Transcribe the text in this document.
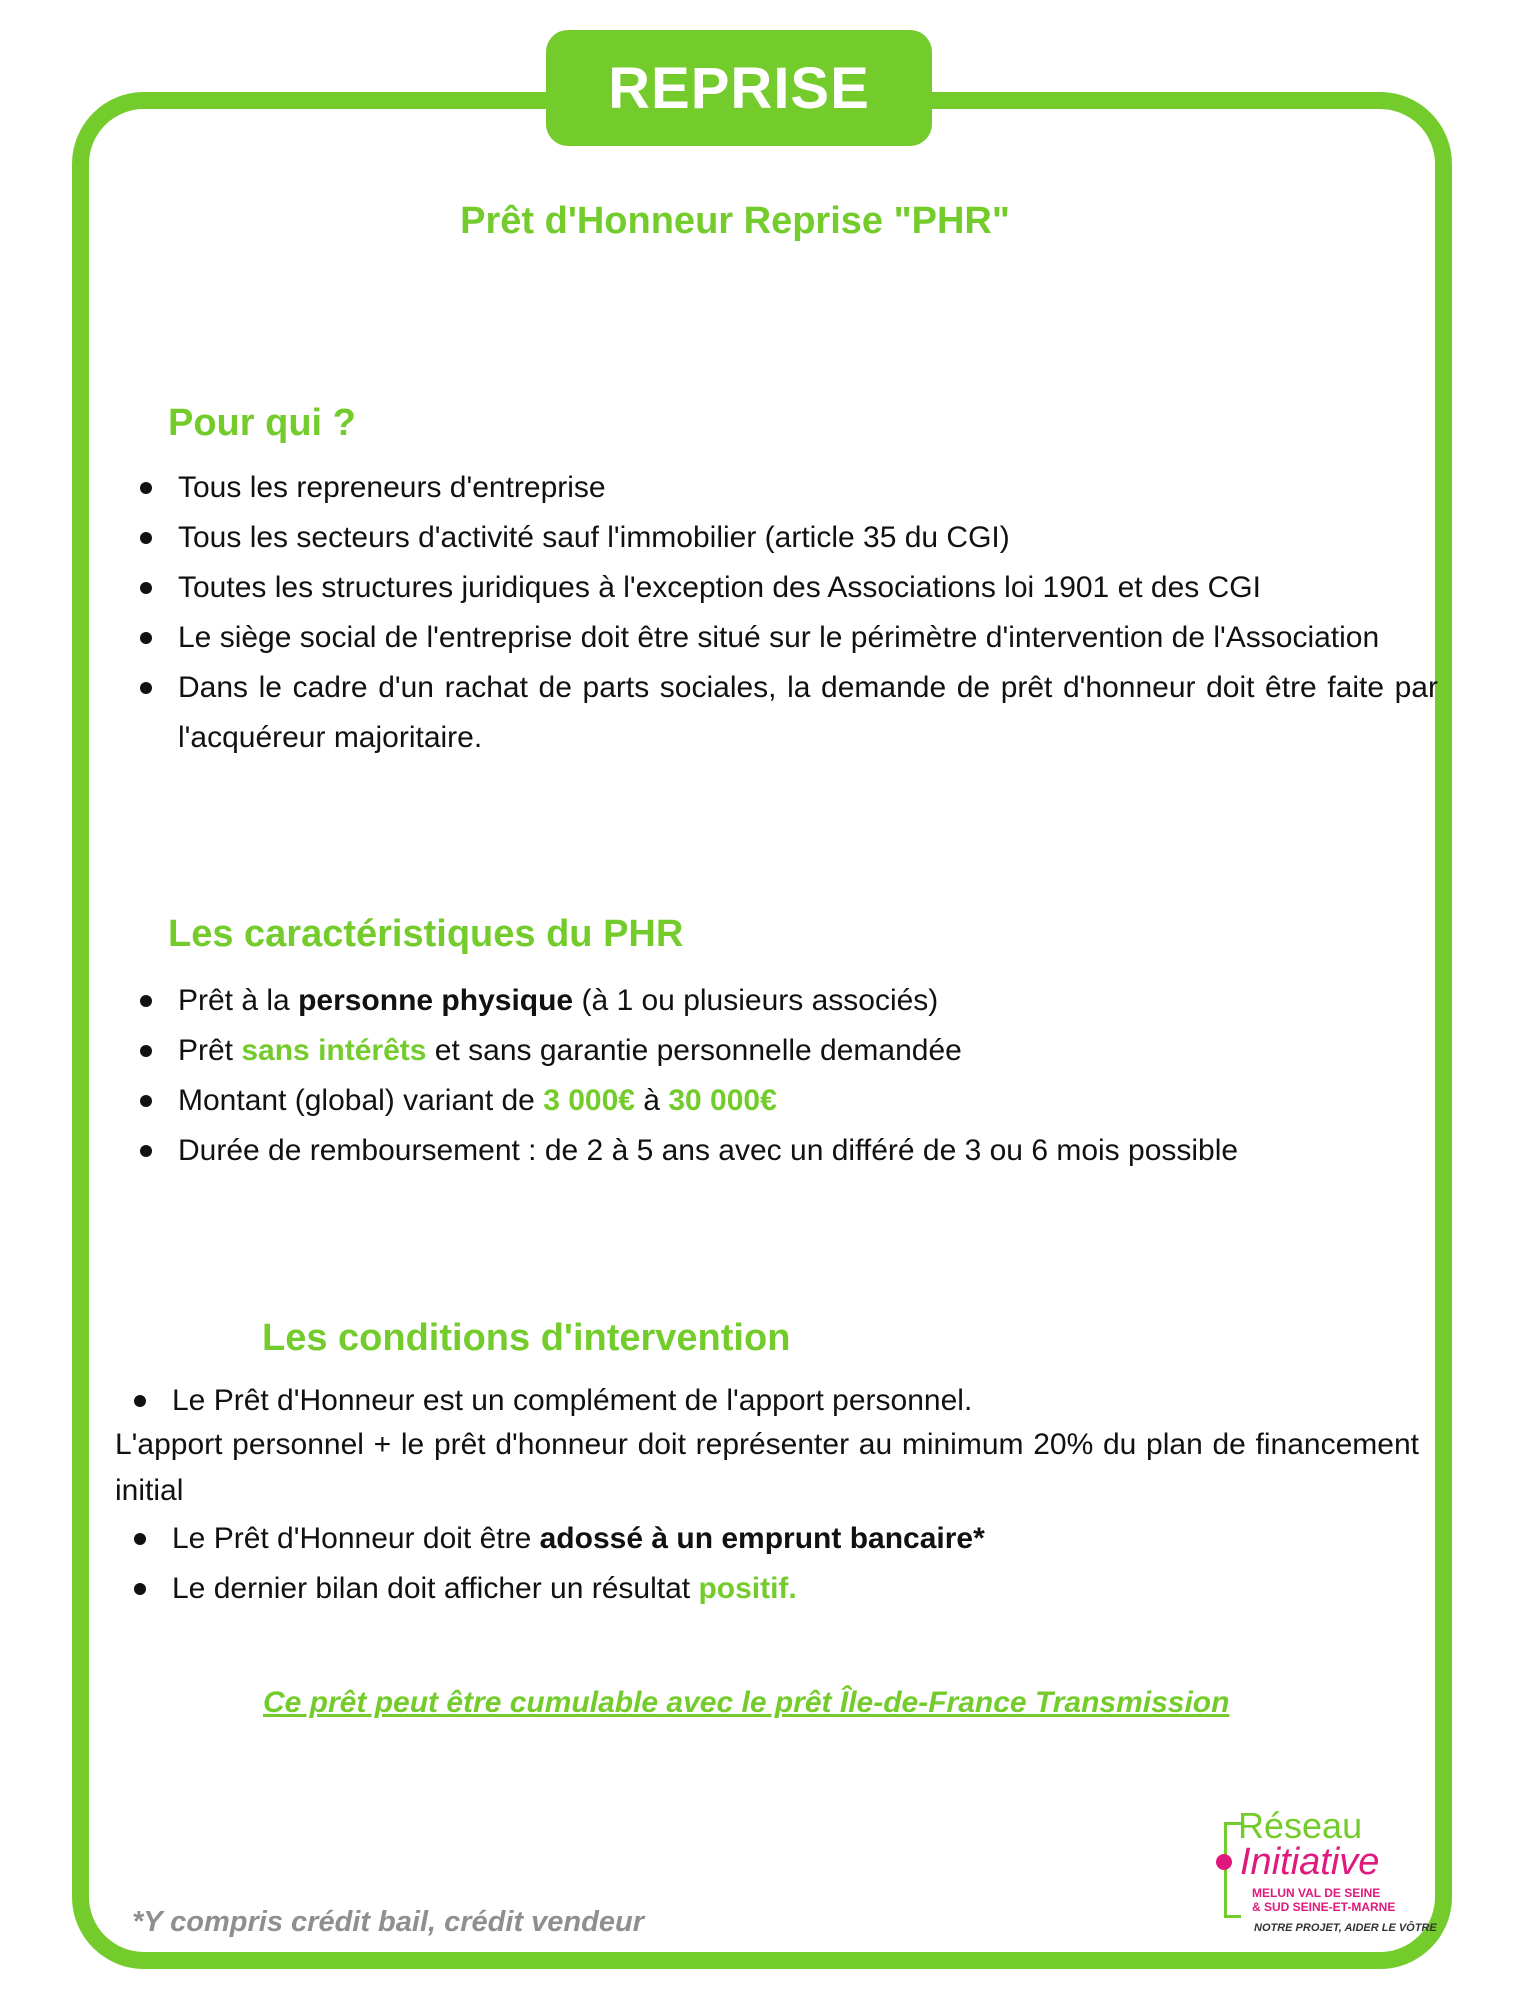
REPRISE
Prêt d'Honneur Reprise "PHR"
Pour qui ?
Tous les repreneurs d'entreprise
Tous les secteurs d'activité sauf l'immobilier (article 35 du CGI)
Toutes les structures juridiques à l'exception des Associations loi 1901 et des CGI
Le siège social de l'entreprise doit être situé sur le périmètre d'intervention de l'Association
Dans le cadre d'un rachat de parts sociales, la demande de prêt d'honneur doit être faite par l'acquéreur majoritaire.
Les caractéristiques du PHR
Prêt à la personne physique (à 1 ou plusieurs associés)
Prêt sans intérêts et sans garantie personnelle demandée
Montant (global) variant de 3 000€ à 30 000€
Durée de remboursement : de 2 à 5 ans avec un différé de 3 ou 6 mois possible
Les conditions d'intervention
Le Prêt d'Honneur est un complément de l'apport personnel.
L'apport personnel + le prêt d'honneur doit représenter au minimum 20% du plan de financement initial
Le Prêt d'Honneur doit être adossé à un emprunt bancaire*
Le dernier bilan doit afficher un résultat positif.
Ce prêt peut être cumulable avec le prêt Île-de-France Transmission
*Y compris crédit bail, crédit vendeur
Réseau
Initiative
MELUN VAL DE SEINE
& SUD SEINE-ET-MARNE
NOTRE PROJET, AIDER LE VÔTRE
